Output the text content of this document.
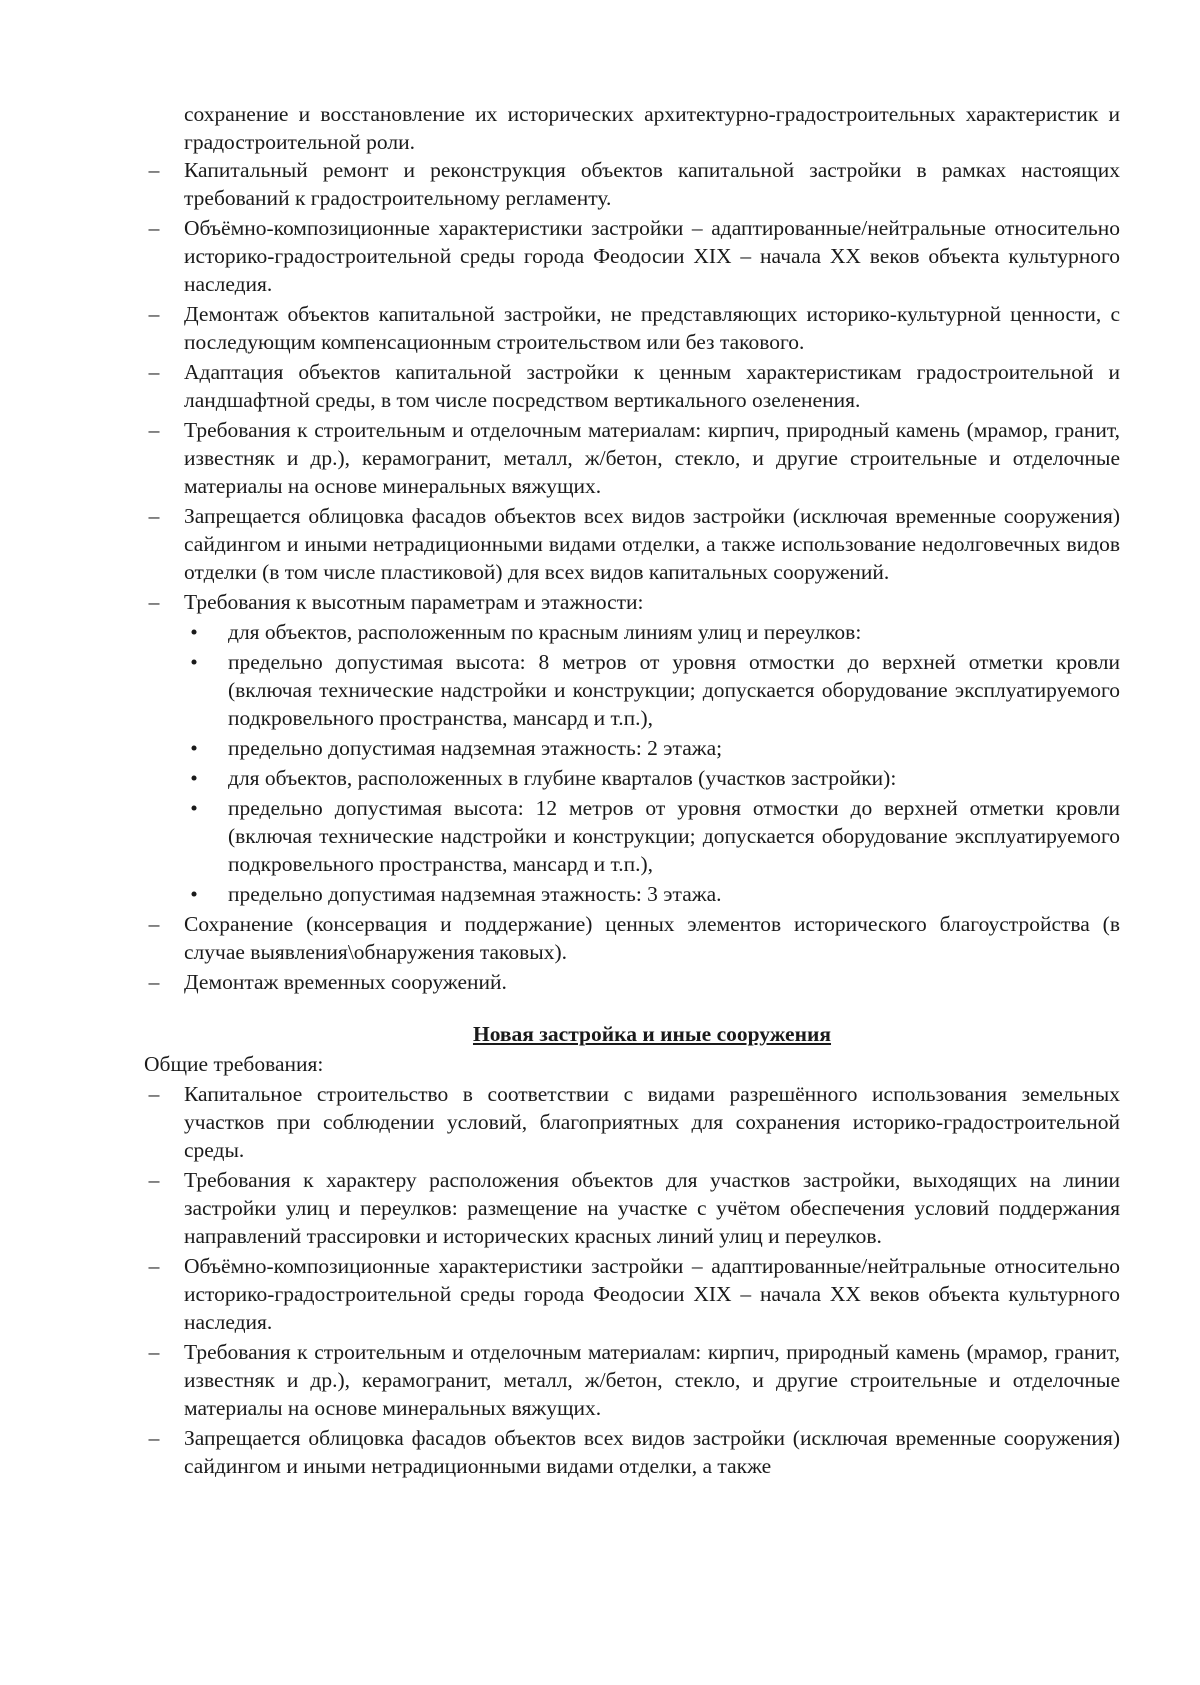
сохранение и восстановление их исторических архитектурно-градостроительных характеристик и градостроительной роли.

– Капитальный ремонт и реконструкция объектов капитальной застройки в рамках настоящих требований к градостроительному регламенту.
– Объёмно-композиционные характеристики застройки – адаптированные/нейтральные относительно историко-градостроительной среды города Феодосии XIX – начала XX веков объекта культурного наследия.
– Демонтаж объектов капитальной застройки, не представляющих историко-культурной ценности, с последующим компенсационным строительством или без такового.
– Адаптация объектов капитальной застройки к ценным характеристикам градостроительной и ландшафтной среды, в том числе посредством вертикального озеленения.
– Требования к строительным и отделочным материалам: кирпич, природный камень (мрамор, гранит, известняк и др.), керамогранит, металл, ж/бетон, стекло, и другие строительные и отделочные материалы на основе минеральных вяжущих.
– Запрещается облицовка фасадов объектов всех видов застройки (исключая временные сооружения) сайдингом и иными нетрадиционными видами отделки, а также использование недолговечных видов отделки (в том числе пластиковой) для всех видов капитальных сооружений.
– Требования к высотным параметрам и этажности:
• для объектов, расположенным по красным линиям улиц и переулков:
• предельно допустимая высота: 8 метров от уровня отмостки до верхней отметки кровли (включая технические надстройки и конструкции; допускается оборудование эксплуатируемого подкровельного пространства, мансард и т.п.),
• предельно допустимая надземная этажность: 2 этажа;
• для объектов, расположенных в глубине кварталов (участков застройки):
• предельно допустимая высота: 12 метров от уровня отмостки до верхней отметки кровли (включая технические надстройки и конструкции; допускается оборудование эксплуатируемого подкровельного пространства, мансард и т.п.),
• предельно допустимая надземная этажность: 3 этажа.
– Сохранение (консервация и поддержание) ценных элементов исторического благоустройства (в случае выявления\обнаружения таковых).
– Демонтаж временных сооружений.

Новая застройка и иные сооружения

Общие требования:

– Капитальное строительство в соответствии с видами разрешённого использования земельных участков при соблюдении условий, благоприятных для сохранения историко-градостроительной среды.
– Требования к характеру расположения объектов для участков застройки, выходящих на линии застройки улиц и переулков: размещение на участке с учётом обеспечения условий поддержания направлений трассировки и исторических красных линий улиц и переулков.
– Объёмно-композиционные характеристики застройки – адаптированные/нейтральные относительно историко-градостроительной среды города Феодосии XIX – начала XX веков объекта культурного наследия.
– Требования к строительным и отделочным материалам: кирпич, природный камень (мрамор, гранит, известняк и др.), керамогранит, металл, ж/бетон, стекло, и другие строительные и отделочные материалы на основе минеральных вяжущих.
– Запрещается облицовка фасадов объектов всех видов застройки (исключая временные сооружения) сайдингом и иными нетрадиционными видами отделки, а также
